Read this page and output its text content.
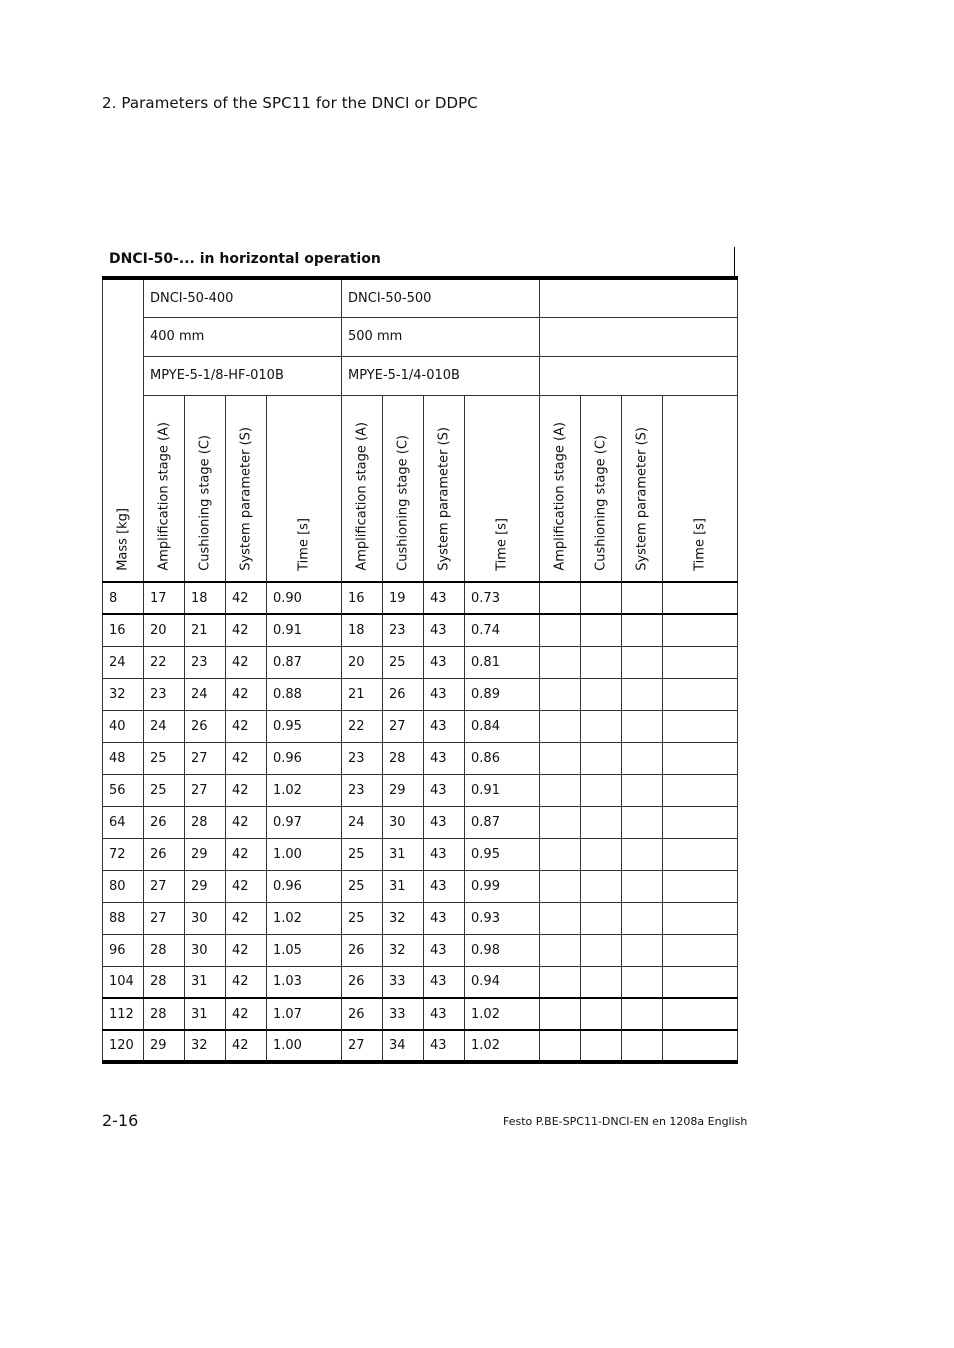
2. Parameters of the SPC11 for the DNCI or DDPC
DNCI-50-... in horizontal operation
Mass [kg]	DNCI-50-400				DNCI-50-500							
	400 mm				500 mm							
	MPYE-5-1/8-HF-010B				MPYE-5-1/4-010B							

	Amplification stage (A)	Cushioning stage (C)	System parameter (S)	Time [s]	Amplification stage (A)	Cushioning stage (C)	System parameter (S)	Time [s]	Amplification stage (A)	Cushioning stage (C)	System parameter (S)	Time [s]

8	17	18	42	0.90	16	19	43	0.73				
16	20	21	42	0.91	18	23	43	0.74				
24	22	23	42	0.87	20	25	43	0.81				
32	23	24	42	0.88	21	26	43	0.89				
40	24	26	42	0.95	22	27	43	0.84				
48	25	27	42	0.96	23	28	43	0.86				
56	25	27	42	1.02	23	29	43	0.91				
64	26	28	42	0.97	24	30	43	0.87				
72	26	29	42	1.00	25	31	43	0.95				
80	27	29	42	0.96	25	31	43	0.99				
88	27	30	42	1.02	25	32	43	0.93				
96	28	30	42	1.05	26	32	43	0.98				
104	28	31	42	1.03	26	33	43	0.94				
112	28	31	42	1.07	26	33	43	1.02				
120	29	32	42	1.00	27	34	43	1.02				
2-16	Festo P.BE-SPC11-DNCI-EN en 1208a English
